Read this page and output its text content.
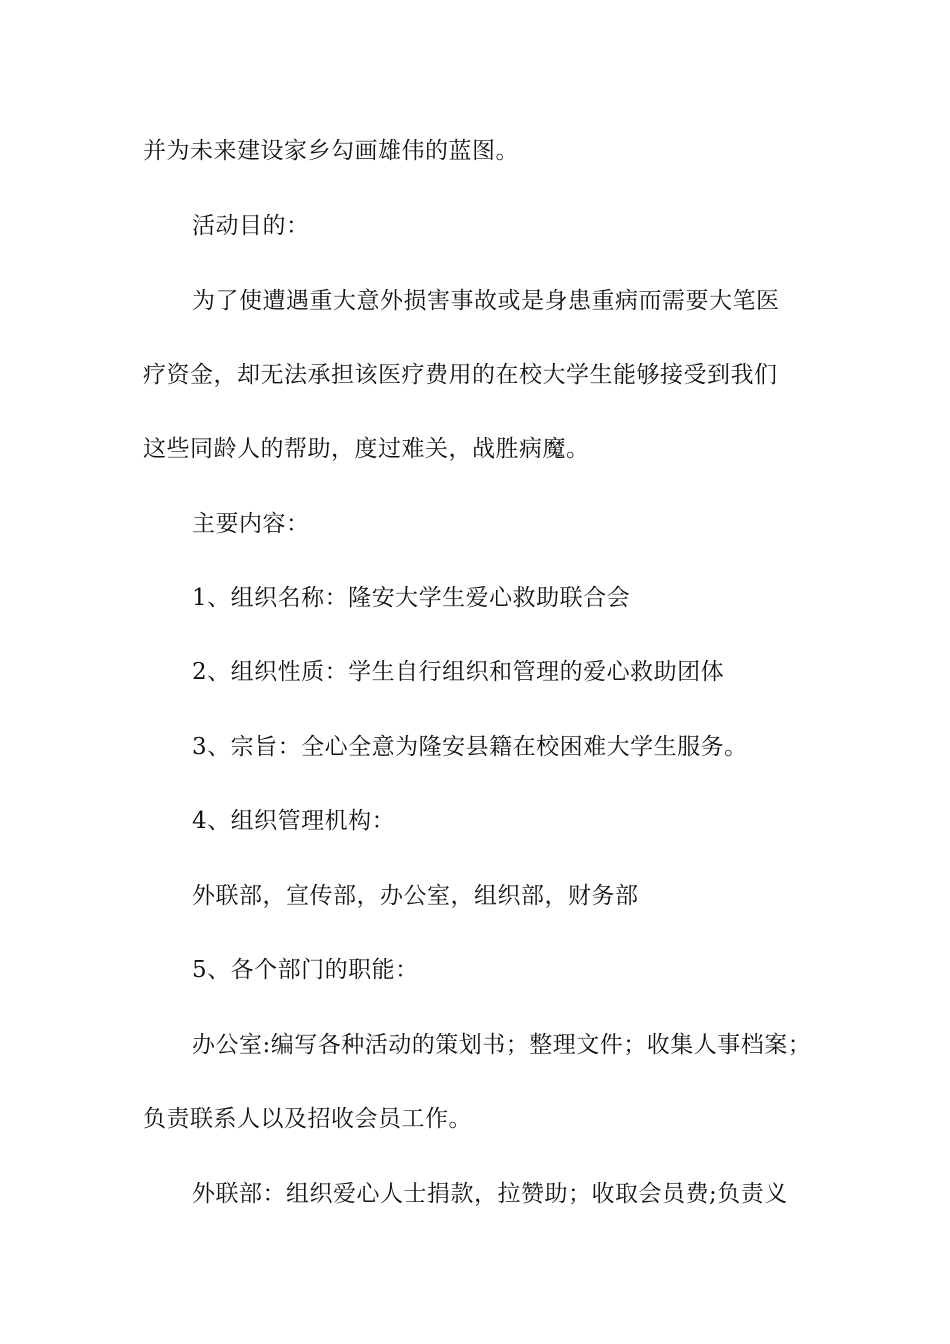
并为未来建设家乡勾画雄伟的蓝图。
活动目的：
为了使遭遇重大意外损害事故或是身患重病而需要大笔医
疗资金，却无法承担该医疗费用的在校大学生能够接受到我们
这些同龄人的帮助，度过难关，战胜病魔。
主要内容：
1、组织名称：隆安大学生爱心救助联合会
2、组织性质：学生自行组织和管理的爱心救助团体
3、宗旨：全心全意为隆安县籍在校困难大学生服务。
4、组织管理机构：
外联部，宣传部，办公室，组织部，财务部
5、各个部门的职能：
办公室:编写各种活动的策划书；整理文件；收集人事档案；
负责联系人以及招收会员工作。
外联部：组织爱心人士捐款，拉赞助；收取会员费;负责义
